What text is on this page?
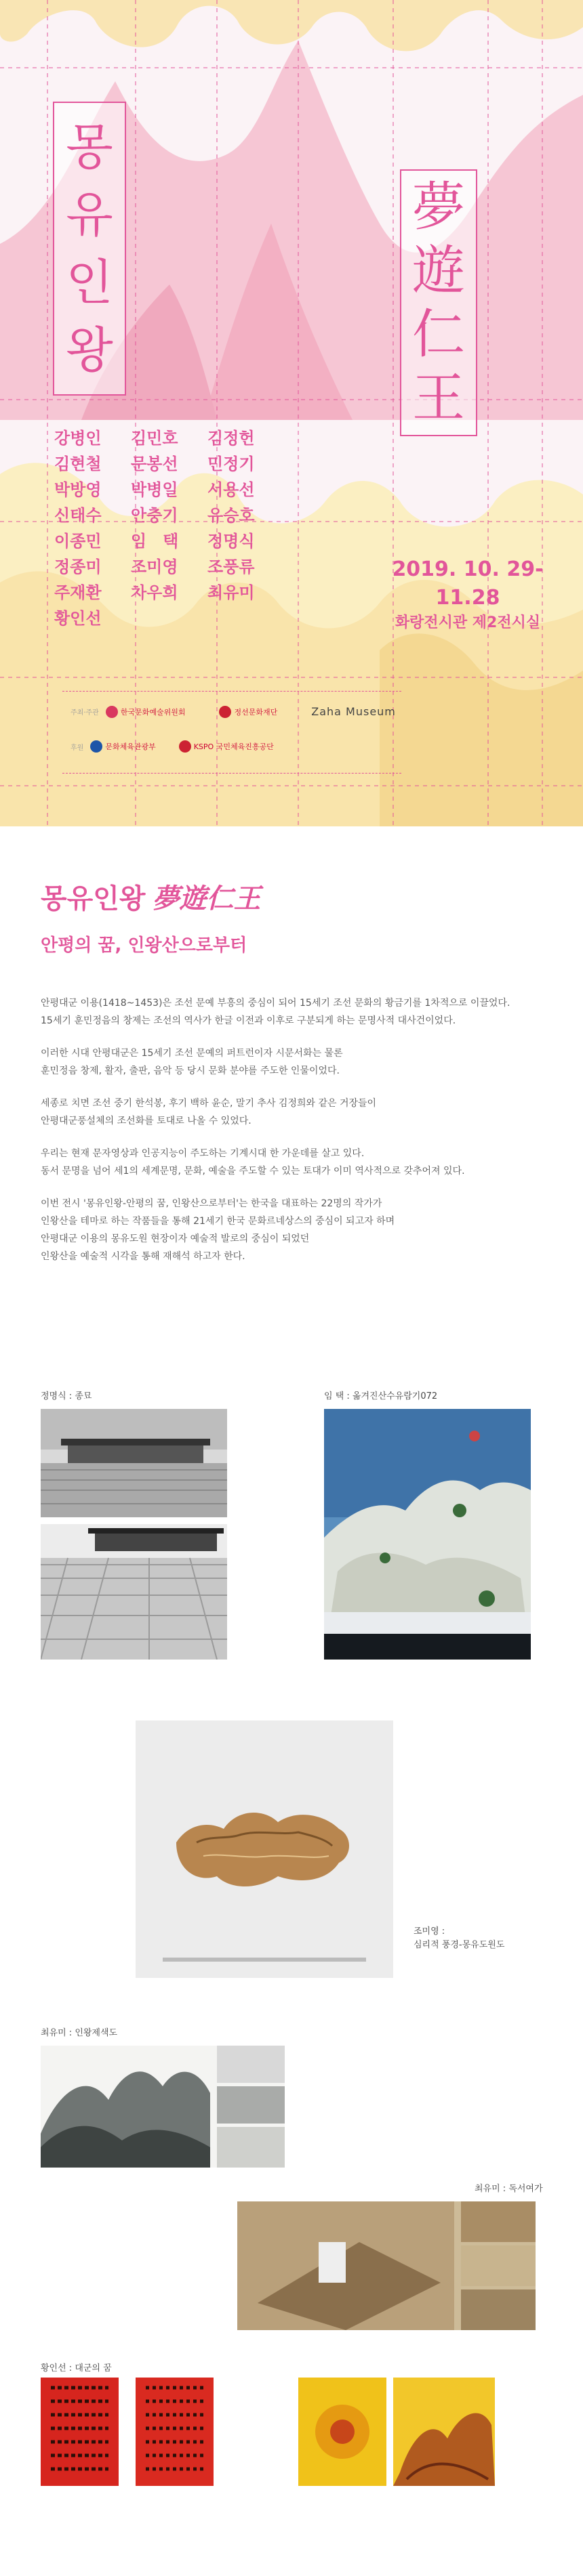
몽
유
인
왕
夢
遊
仁
王
강병인	김민호	김정헌
김현철	문봉선	민정기
박방영	박병일	서용선
신태수	안충기	유승호
이종민	임　택	정명식
정종미	조미영	조풍류
주재환	차우희	최유미
황인선
2019. 10. 29-11.28
화랑전시관 제2전시실
주최·주관	한국문화예술위원회	정선문화재단	Zaha Museum
후원	문화체육관광부	KSPO 국민체육진흥공단
몽유인왕 夢遊仁王
안평의 꿈, 인왕산으로부터

안평대군 이용(1418~1453)은 조선 문예 부흥의 중심이 되어 15세기 조선 문화의 황금기를 1차적으로 이끌었다.
15세기 훈민정음의 창제는 조선의 역사가 한글 이전과 이후로 구분되게 하는 문명사적 대사건이었다.

이러한 시대 안평대군은 15세기 조선 문예의 퍼트런이자 시문서화는 물론
훈민정음 창제, 활자, 출판, 음악 등 당시 문화 분야를 주도한 인물이었다.

세종로 치면 조선 중기 한석봉, 후기 백하 윤순, 말기 추사 김정희와 같은 거장들이
안평대군풍설체의 조선화를 토대로 나올 수 있었다.

우리는 현재 문자영상과 인공지능이 주도하는 기계시대 한 가운데를 살고 있다.
동서 문명을 넘어 세1의 세계문명, 문화, 예술을 주도할 수 있는 토대가 이미 역사적으로 갖추어져 있다.

이번 전시 '몽유인왕-안평의 꿈, 인왕산으로부터'는 한국을 대표하는 22명의 작가가
인왕산을 테마로 하는 작품들을 통해 21세기 한국 문화르네상스의 중심이 되고자 하며
안평대군 이용의 몽유도원 현장이자 예술적 발로의 중심이 되었던
인왕산을 예술적 시각을 통해 재해석 하고자 한다.

정명식 : 종묘	임 택 : 옮겨진산수유람기072
조미영 :
심리적 풍경-몽유도원도
최유미 : 인왕제색도
최유미 : 독서여가
황인선 : 대군의 꿈
